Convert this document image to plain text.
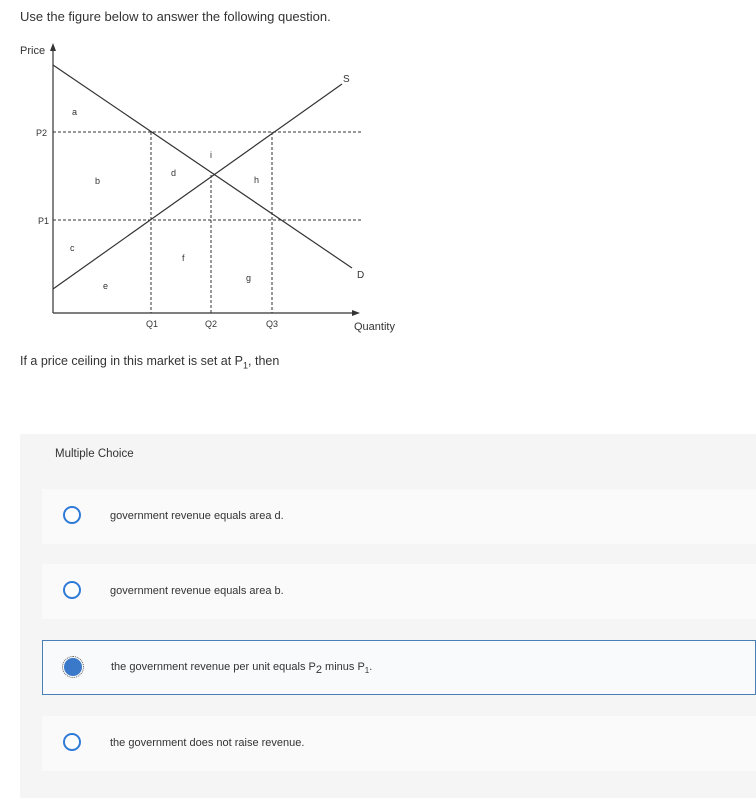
Use the figure below to answer the following question.
Price
Quantity
P2
P1
Q1	Q2	Q3
S
D
a
b
c
d
e
f
g
h
i
If a price ceiling in this market is set at $P_1$, then
Multiple Choice
government revenue equals area d.
government revenue equals area b.
the government revenue per unit equals P2 minus $P_1$.
the government does not raise revenue.
